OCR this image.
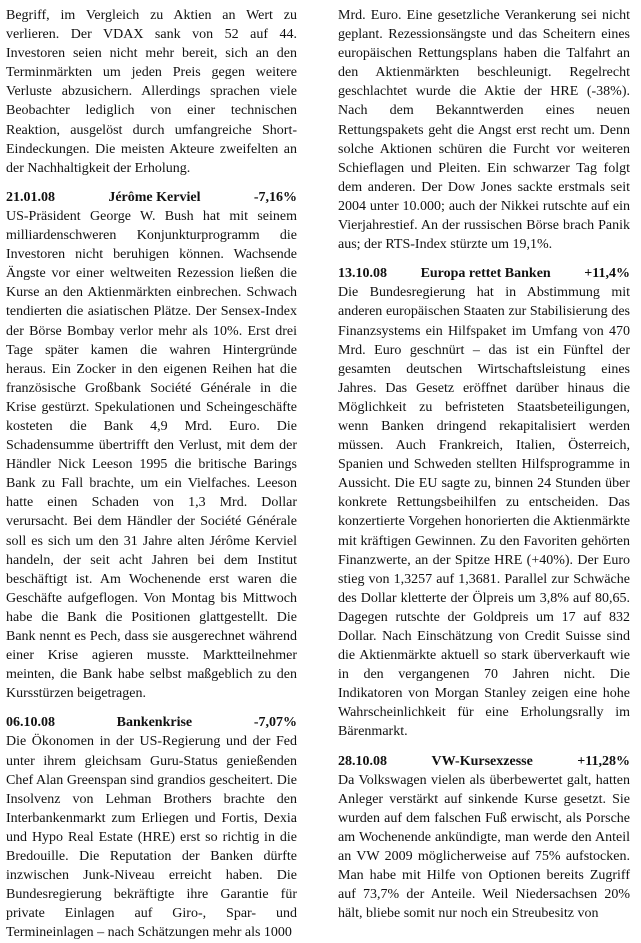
Begriff, im Vergleich zu Aktien an Wert zu verlieren. Der VDAX sank von 52 auf 44. Investoren seien nicht mehr bereit, sich an den Terminmärkten um jeden Preis gegen weitere Verluste abzusichern. Allerdings sprachen viele Beobachter lediglich von einer technischen Reaktion, ausgelöst durch umfangreiche Short-Eindeckungen. Die meisten Akteure zweifelten an der Nachhaltigkeit der Erholung.

21.01.08	Jérôme Kerviel	-7,16%

US-Präsident George W. Bush hat mit seinem milliardenschweren Konjunkturprogramm die Investoren nicht beruhigen können. Wachsende Ängste vor einer weltweiten Rezession ließen die Kurse an den Aktienmärkten einbrechen. Schwach tendierten die asiatischen Plätze. Der Sensex-Index der Börse Bombay verlor mehr als 10%. Erst drei Tage später kamen die wahren Hintergründe heraus. Ein Zocker in den eigenen Reihen hat die französische Großbank Société Générale in die Krise gestürzt. Spekulationen und Scheingeschäfte kosteten die Bank 4,9 Mrd. Euro. Die Schadensumme übertrifft den Verlust, mit dem der Händler Nick Leeson 1995 die britische Barings Bank zu Fall brachte, um ein Vielfaches. Leeson hatte einen Schaden von 1,3 Mrd. Dollar verursacht. Bei dem Händler der Société Générale soll es sich um den 31 Jahre alten Jérôme Kerviel handeln, der seit acht Jahren bei dem Institut beschäftigt ist. Am Wochenende erst waren die Geschäfte aufgeflogen. Von Montag bis Mittwoch habe die Bank die Positionen glattgestellt. Die Bank nennt es Pech, dass sie ausgerechnet während einer Krise agieren musste. Marktteilnehmer meinten, die Bank habe selbst maßgeblich zu den Kursstürzen beigetragen.

06.10.08	Bankenkrise	-7,07%

Die Ökonomen in der US-Regierung und der Fed unter ihrem gleichsam Guru-Status genießenden Chef Alan Greenspan sind grandios gescheitert. Die Insolvenz von Lehman Brothers brachte den Interbankenmarkt zum Erliegen und Fortis, Dexia und Hypo Real Estate (HRE) erst so richtig in die Bredouille. Die Reputation der Banken dürfte inzwischen Junk-Niveau erreicht haben. Die Bundesregierung bekräftigte ihre Garantie für private Einlagen auf Giro-, Spar- und Termineinlagen – nach Schätzungen mehr als 1000

Mrd. Euro. Eine gesetzliche Verankerung sei nicht geplant. Rezessionsängste und das Scheitern eines europäischen Rettungsplans haben die Talfahrt an den Aktienmärkten beschleunigt. Regelrecht geschlachtet wurde die Aktie der HRE (-38%). Nach dem Bekanntwerden eines neuen Rettungspakets geht die Angst erst recht um. Denn solche Aktionen schüren die Furcht vor weiteren Schieflagen und Pleiten. Ein schwarzer Tag folgt dem anderen. Der Dow Jones sackte erstmals seit 2004 unter 10.000; auch der Nikkei rutschte auf ein Vierjahrestief. An der russischen Börse brach Panik aus; der RTS-Index stürzte um 19,1%.

13.10.08 Europa rettet Banken +11,4%

Die Bundesregierung hat in Abstimmung mit anderen europäischen Staaten zur Stabilisierung des Finanzsystems ein Hilfspaket im Umfang von 470 Mrd. Euro geschnürt – das ist ein Fünftel der gesamten deutschen Wirtschaftsleistung eines Jahres. Das Gesetz eröffnet darüber hinaus die Möglichkeit zu befristeten Staatsbeteiligungen, wenn Banken dringend rekapitalisiert werden müssen. Auch Frankreich, Italien, Österreich, Spanien und Schweden stellten Hilfsprogramme in Aussicht. Die EU sagte zu, binnen 24 Stunden über konkrete Rettungsbeihilfen zu entscheiden. Das konzertierte Vorgehen honorierten die Aktienmärkte mit kräftigen Gewinnen. Zu den Favoriten gehörten Finanzwerte, an der Spitze HRE (+40%). Der Euro stieg von 1,3257 auf 1,3681. Parallel zur Schwäche des Dollar kletterte der Ölpreis um 3,8% auf 80,65. Dagegen rutschte der Goldpreis um 17 auf 832 Dollar. Nach Einschätzung von Credit Suisse sind die Aktienmärkte aktuell so stark überverkauft wie in den vergangenen 70 Jahren nicht. Die Indikatoren von Morgan Stanley zeigen eine hohe Wahrscheinlichkeit für eine Erholungsrally im Bärenmarkt.

28.10.08	VW-Kursexzesse	+11,28%

Da Volkswagen vielen als überbewertet galt, hatten Anleger verstärkt auf sinkende Kurse gesetzt. Sie wurden auf dem falschen Fuß erwischt, als Porsche am Wochenende ankündigte, man werde den Anteil an VW 2009 möglicherweise auf 75% aufstocken. Man habe mit Hilfe von Optionen bereits Zugriff auf 73,7% der Anteile. Weil Niedersachsen 20% hält, bliebe somit nur noch ein Streubesitz von
